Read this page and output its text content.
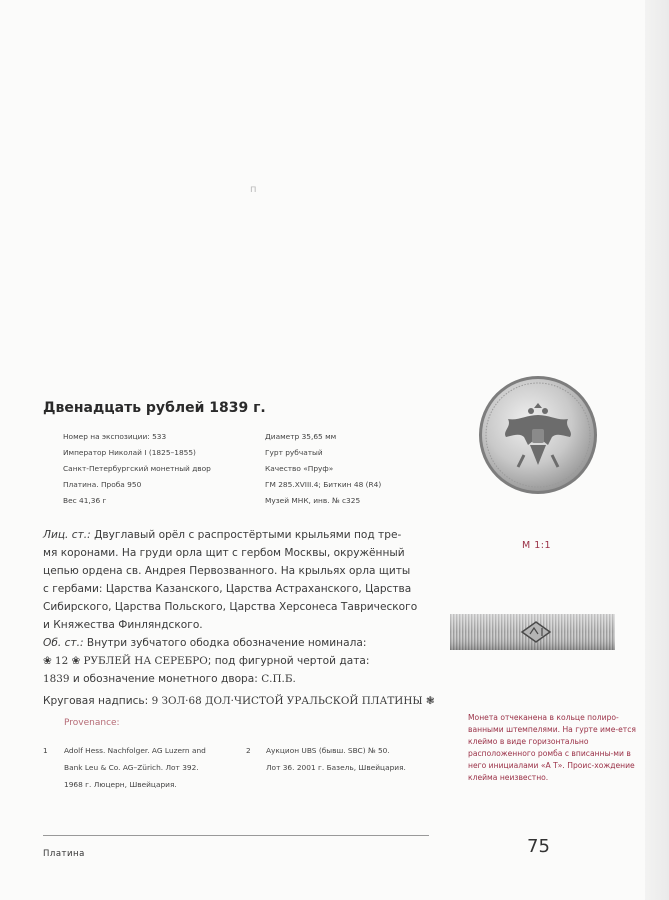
п
Двенадцать рублей 1839 г.
Номер на экспозиции: 533
Император Николай I (1825–1855)
Санкт-Петербургский монетный двор
Платина. Проба 950
Вес 41,36 г
Диаметр 35,65 мм
Гурт рубчатый
Качество «Пруф»
ГМ 285.XVIII.4; Биткин 48 (R4)
Музей МНК, инв. № с325
Лиц. ст.: Двуглавый орёл с распростёртыми крыльями под тре-
мя коронами. На груди орла щит с гербом Москвы, окружённый
цепью ордена св. Андрея Первозванного. На крыльях орла щиты
с гербами: Царства Казанского, Царства Астраханского, Царства
Сибирского, Царства Польского, Царства Херсонеса Таврического
и Княжества Финляндского.
Об. ст.: Внутри зубчатого ободка обозначение номинала:
❀ 12 ❀ РУБЛЕЙ НА СЕРЕБРО; под фигурной чертой дата:
1839 и обозначение монетного двора: С.П.Б.
Круговая надпись: 9 ЗОЛ·68 ДОЛ·ЧИСТОЙ УРАЛЬСКОЙ ПЛАТИНЫ ❃
Provenance:
1 Adolf Hess. Nachfolger. AG Luzern and
Bank Leu & Co. AG–Zürich. Лот 392.
1968 г. Люцерн, Швейцария.
2 Аукцион UBS (бывш. SBC) № 50.
Лот 36. 2001 г. Базель, Швейцария.
М 1:1
Монета отчеканена в кольце полиро-ванными штемпелями. На гурте име-ется клеймо в виде горизонтально расположенного ромба с вписанны-ми в него инициалами «А Т». Проис-хождение клейма неизвестно.
Платина	75
